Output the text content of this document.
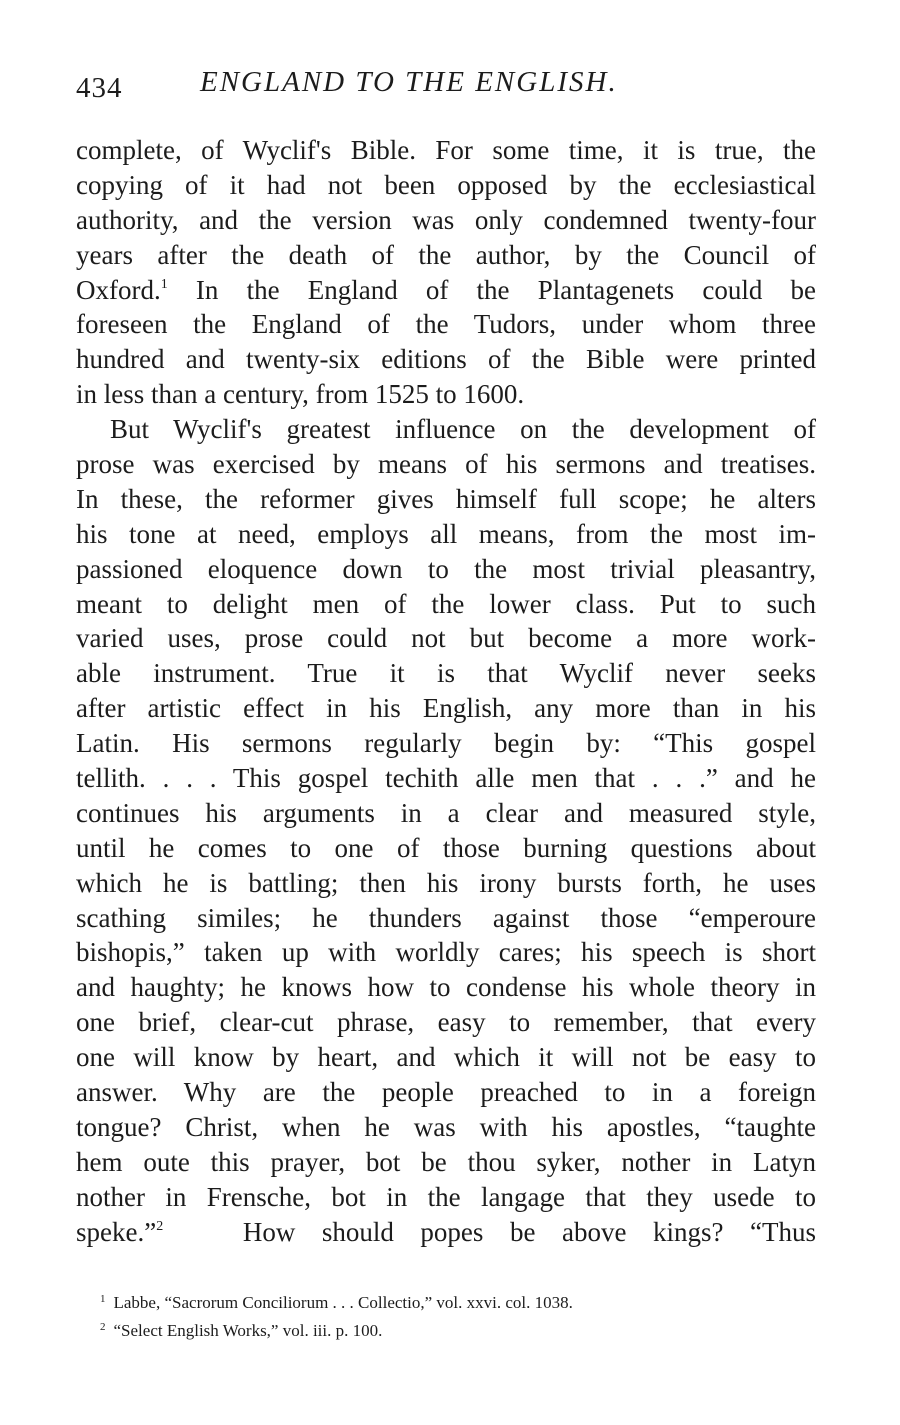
434	ENGLAND TO THE ENGLISH.
complete, of Wyclif's Bible. For some time, it is true, the
copying of it had not been opposed by the ecclesiastical
authority, and the version was only condemned twenty-four
years after the death of the author, by the Council of
Oxford.$^1$ In the England of the Plantagenets could be
foreseen the England of the Tudors, under whom three
hundred and twenty-six editions of the Bible were printed
in less than a century, from 1525 to 1600.
But Wyclif's greatest influence on the development of
prose was exercised by means of his sermons and treatises.
In these, the reformer gives himself full scope; he alters
his tone at need, employs all means, from the most im-
passioned eloquence down to the most trivial pleasantry,
meant to delight men of the lower class. Put to such
varied uses, prose could not but become a more work-
able instrument. True it is that Wyclif never seeks
after artistic effect in his English, any more than in his
Latin. His sermons regularly begin by: “This gospel
tellith. . . . This gospel techith alle men that . . .” and he
continues his arguments in a clear and measured style,
until he comes to one of those burning questions about
which he is battling; then his irony bursts forth, he uses
scathing similes; he thunders against those “emperoure
bishopis,” taken up with worldly cares; his speech is short
and haughty; he knows how to condense his whole theory in
one brief, clear-cut phrase, easy to remember, that every
one will know by heart, and which it will not be easy to
answer. Why are the people preached to in a foreign
tongue? Christ, when he was with his apostles, “taughte
hem oute this prayer, bot be thou syker, nother in Latyn
nother in Frensche, bot in the langage that they usede to
speke.”$^2$	How should popes be above kings? “Thus
$^1$ Labbe, “Sacrorum Conciliorum . . . Collectio,” vol. xxvi. col. 1038.
$^2$ “Select English Works,” vol. iii. p. 100.
